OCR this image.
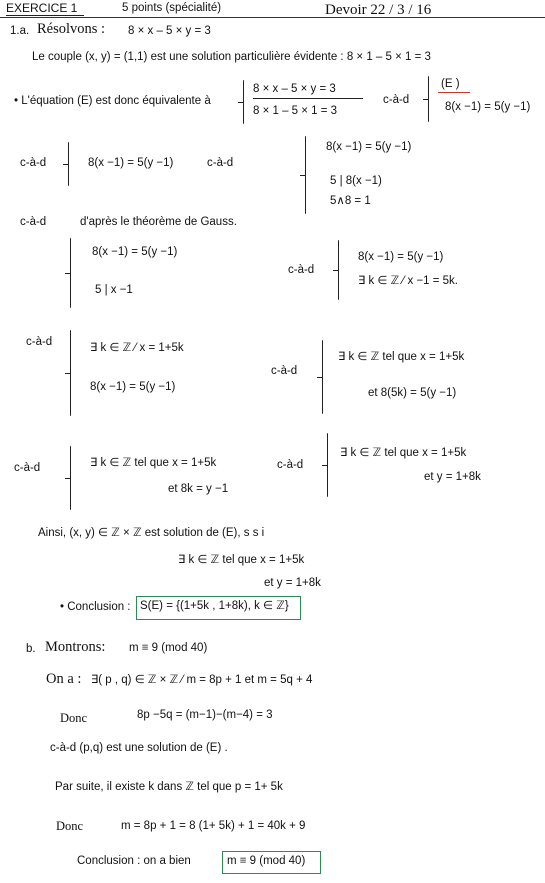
EXERCICE 1	5 points (spécialité)	Devoir 22 / 3 / 16
1.a. Résolvons : 8 × x – 5 × y = 3
Le couple (x, y) = (1,1) est une solution particulière évidente : 8 × 1 – 5 × 1 = 3
• L'équation (E) est donc équivalente à
8 × x – 5 × y = 3
8 × 1 – 5 × 1 = 3
c-à-d
(E )
8(x −1) = 5(y −1)
c-à-d	8(x −1) = 5(y −1)	c-à-d
8(x −1) = 5(y −1)
5 | 8(x −1)
5∧8 = 1
c-à-d	d'après le théorème de Gauss.
8(x −1) = 5(y −1)
5 | x −1
c-à-d
8(x −1) = 5(y −1)
∃ k ∈ ℤ ⁄ x −1 = 5k.
c-à-d	∃ k ∈ ℤ ⁄ x = 1+5k
8(x −1) = 5(y −1)
c-à-d
∃ k ∈ ℤ tel que x = 1+5k
et 8(5k) = 5(y −1)
c-à-d	∃ k ∈ ℤ tel que x = 1+5k
et 8k = y −1
c-à-d
∃ k ∈ ℤ tel que x = 1+5k
et y = 1+8k
Ainsi, (x, y) ∈ ℤ × ℤ est solution de (E), s s i
∃ k ∈ ℤ tel que x = 1+5k
et y = 1+8k
• Conclusion : S(E) = {(1+5k , 1+8k), k ∈ ℤ}
b. Montrons: m ≡ 9 (mod 40)
On a : ∃( p , q) ∈ ℤ × ℤ ⁄ m = 8p + 1 et m = 5q + 4
Donc	8p −5q = (m−1)−(m−4) = 3
c-à-d (p,q) est une solution de (E) .
Par suite, il existe k dans ℤ tel que p = 1+ 5k
Donc	m = 8p + 1 = 8 (1+ 5k) + 1 = 40k + 9
Conclusion : on a bien	m ≡ 9 (mod 40)
